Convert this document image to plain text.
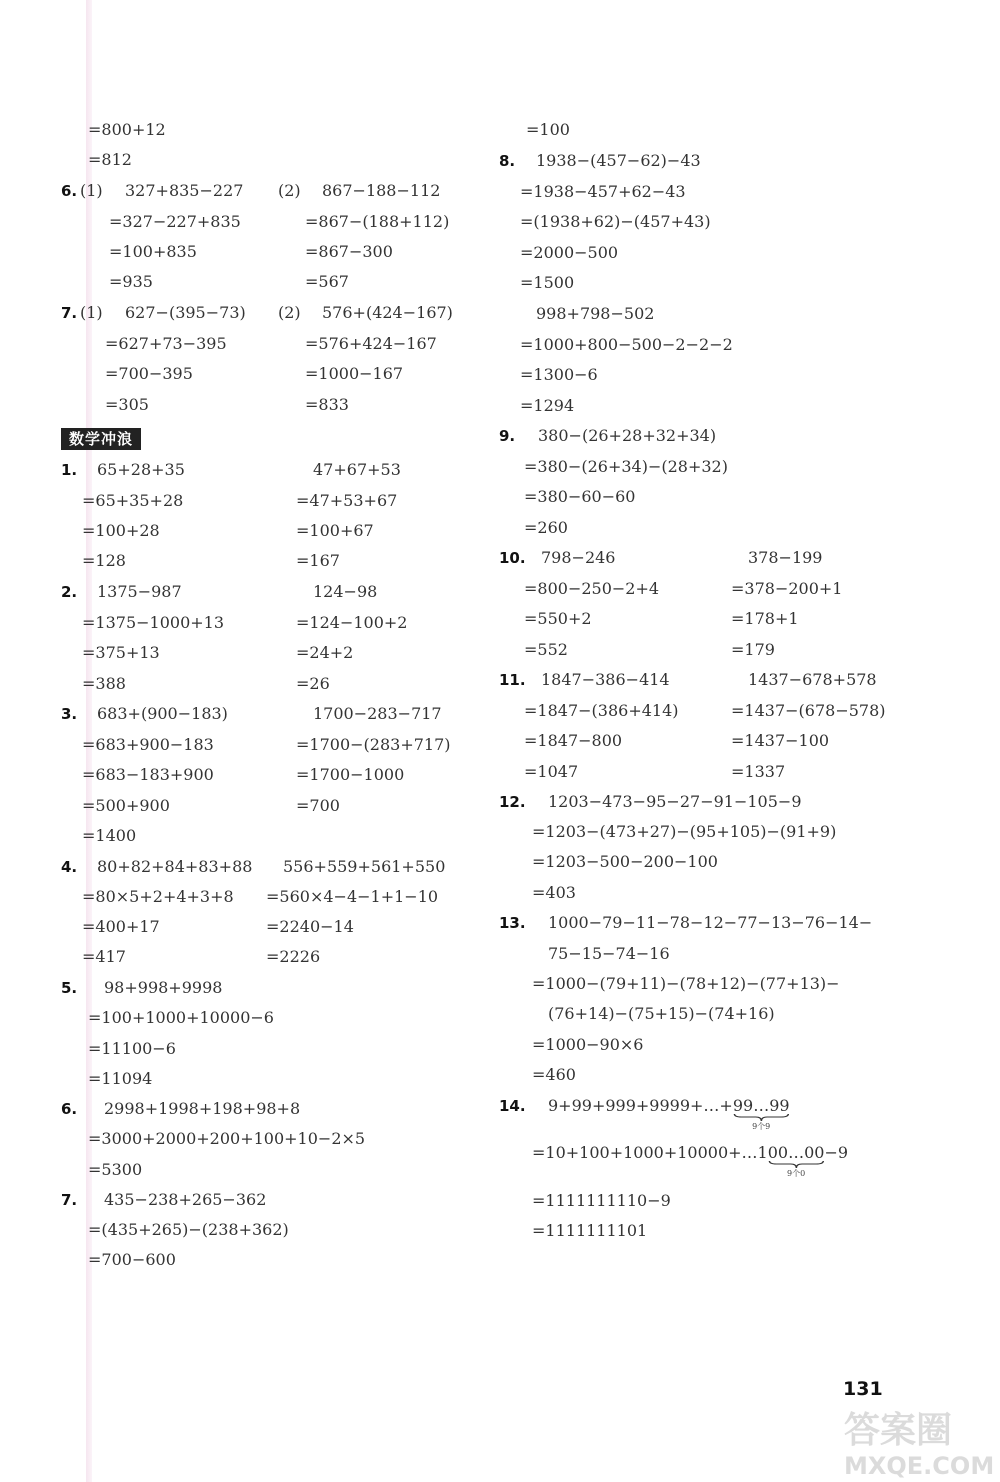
=800+12
=812
6. (1) 327+835−227
=327−227+835
=100+835
=935
(2) 867−188−112
=867−(188+112)
=867−300
=567
7. (1) 627−(395−73)
=627+73−395
=700−395
=305
(2) 576+(424−167)
=576+424−167
=1000−167
=833
数学冲浪
1. 65+28+35
=65+35+28
=100+28
=128
47+67+53
=47+53+67
=100+67
=167
2. 1375−987
=1375−1000+13
=375+13
=388
124−98
=124−100+2
=24+2
=26
3. 683+(900−183)
=683+900−183
=683−183+900
=500+900
=1400
1700−283−717
=1700−(283+717)
=1700−1000
=700
4. 80+82+84+83+88
=80×5+2+4+3+8
=400+17
=417
556+559+561+550
=560×4−4−1+1−10
=2240−14
=2226
5. 98+998+9998
=100+1000+10000−6
=11100−6
=11094
6. 2998+1998+198+98+8
=3000+2000+200+100+10−2×5
=5300
7. 435−238+265−362
=(435+265)−(238+362)
=700−600
=100
8. 1938−(457−62)−43
=1938−457+62−43
=(1938+62)−(457+43)
=2000−500
=1500
998+798−502
=1000+800−500−2−2−2
=1300−6
=1294
9. 380−(26+28+32+34)
=380−(26+34)−(28+32)
=380−60−60
=260
10. 798−246
=800−250−2+4
=550+2
=552
378−199
=378−200+1
=178+1
=179
11. 1847−386−414
=1847−(386+414)
=1847−800
=1047
1437−678+578
=1437−(678−578)
=1437−100
=1337
12. 1203−473−95−27−91−105−9
=1203−(473+27)−(95+105)−(91+9)
=1203−500−200−100
=403
13. 1000−79−11−78−12−77−13−76−14−
75−15−74−16
=1000−(79+11)−(78+12)−(77+13)−
(76+14)−(75+15)−(74+16)
=1000−90×6
=460
14. 9+99+999+9999+…+99…99
9个9
=10+100+1000+10000+…100…00
9个0
−9
=1111111110−9
=1111111101
131
答案圈
MXQE.COM
